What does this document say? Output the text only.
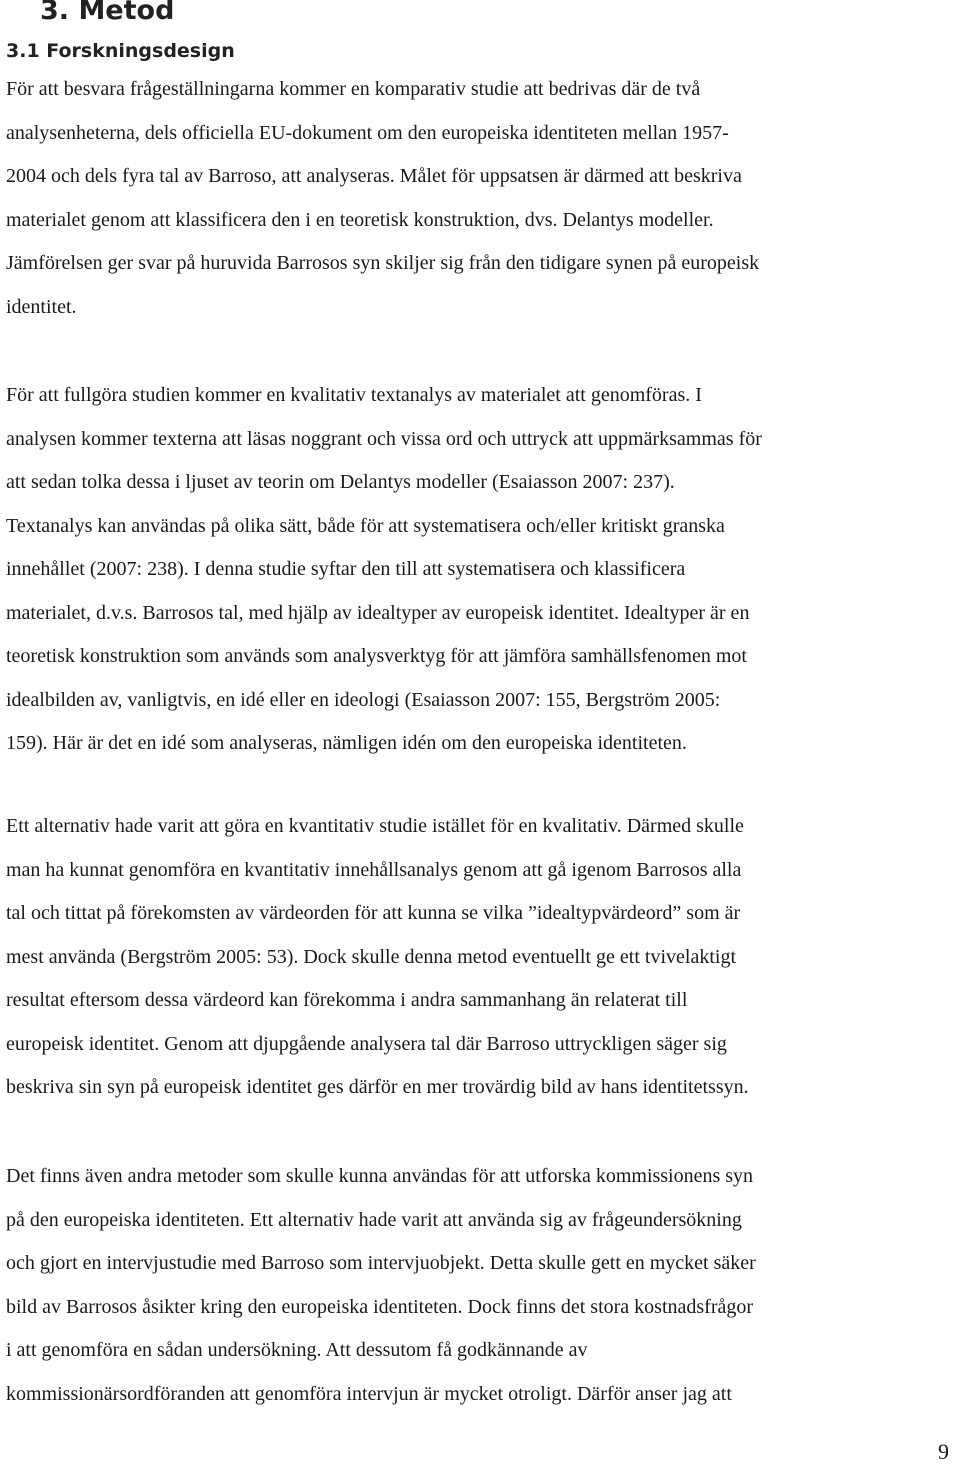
3. Metod
3.1 Forskningsdesign

För att besvara frågeställningarna kommer en komparativ studie att bedrivas där de två
analysenheterna, dels officiella EU-dokument om den europeiska identiteten mellan 1957-
2004 och dels fyra tal av Barroso, att analyseras. Målet för uppsatsen är därmed att beskriva
materialet genom att klassificera den i en teoretisk konstruktion, dvs. Delantys modeller.
Jämförelsen ger svar på huruvida Barrosos syn skiljer sig från den tidigare synen på europeisk
identitet.

För att fullgöra studien kommer en kvalitativ textanalys av materialet att genomföras. I
analysen kommer texterna att läsas noggrant och vissa ord och uttryck att uppmärksammas för
att sedan tolka dessa i ljuset av teorin om Delantys modeller (Esaiasson 2007: 237).
Textanalys kan användas på olika sätt, både för att systematisera och/eller kritiskt granska
innehållet (2007: 238). I denna studie syftar den till att systematisera och klassificera
materialet, d.v.s. Barrosos tal, med hjälp av idealtyper av europeisk identitet. Idealtyper är en
teoretisk konstruktion som används som analysverktyg för att jämföra samhällsfenomen mot
idealbilden av, vanligtvis, en idé eller en ideologi (Esaiasson 2007: 155, Bergström 2005:
159). Här är det en idé som analyseras, nämligen idén om den europeiska identiteten.

Ett alternativ hade varit att göra en kvantitativ studie istället för en kvalitativ. Därmed skulle
man ha kunnat genomföra en kvantitativ innehållsanalys genom att gå igenom Barrosos alla
tal och tittat på förekomsten av värdeorden för att kunna se vilka ”idealtypvärdeord” som är
mest använda (Bergström 2005: 53). Dock skulle denna metod eventuellt ge ett tvivelaktigt
resultat eftersom dessa värdeord kan förekomma i andra sammanhang än relaterat till
europeisk identitet. Genom att djupgående analysera tal där Barroso uttryckligen säger sig
beskriva sin syn på europeisk identitet ges därför en mer trovärdig bild av hans identitetssyn.

Det finns även andra metoder som skulle kunna användas för att utforska kommissionens syn
på den europeiska identiteten. Ett alternativ hade varit att använda sig av frågeundersökning
och gjort en intervjustudie med Barroso som intervjuobjekt. Detta skulle gett en mycket säker
bild av Barrosos åsikter kring den europeiska identiteten. Dock finns det stora kostnadsfrågor
i att genomföra en sådan undersökning. Att dessutom få godkännande av
kommissionärsordföranden att genomföra intervjun är mycket otroligt. Därför anser jag att

9
